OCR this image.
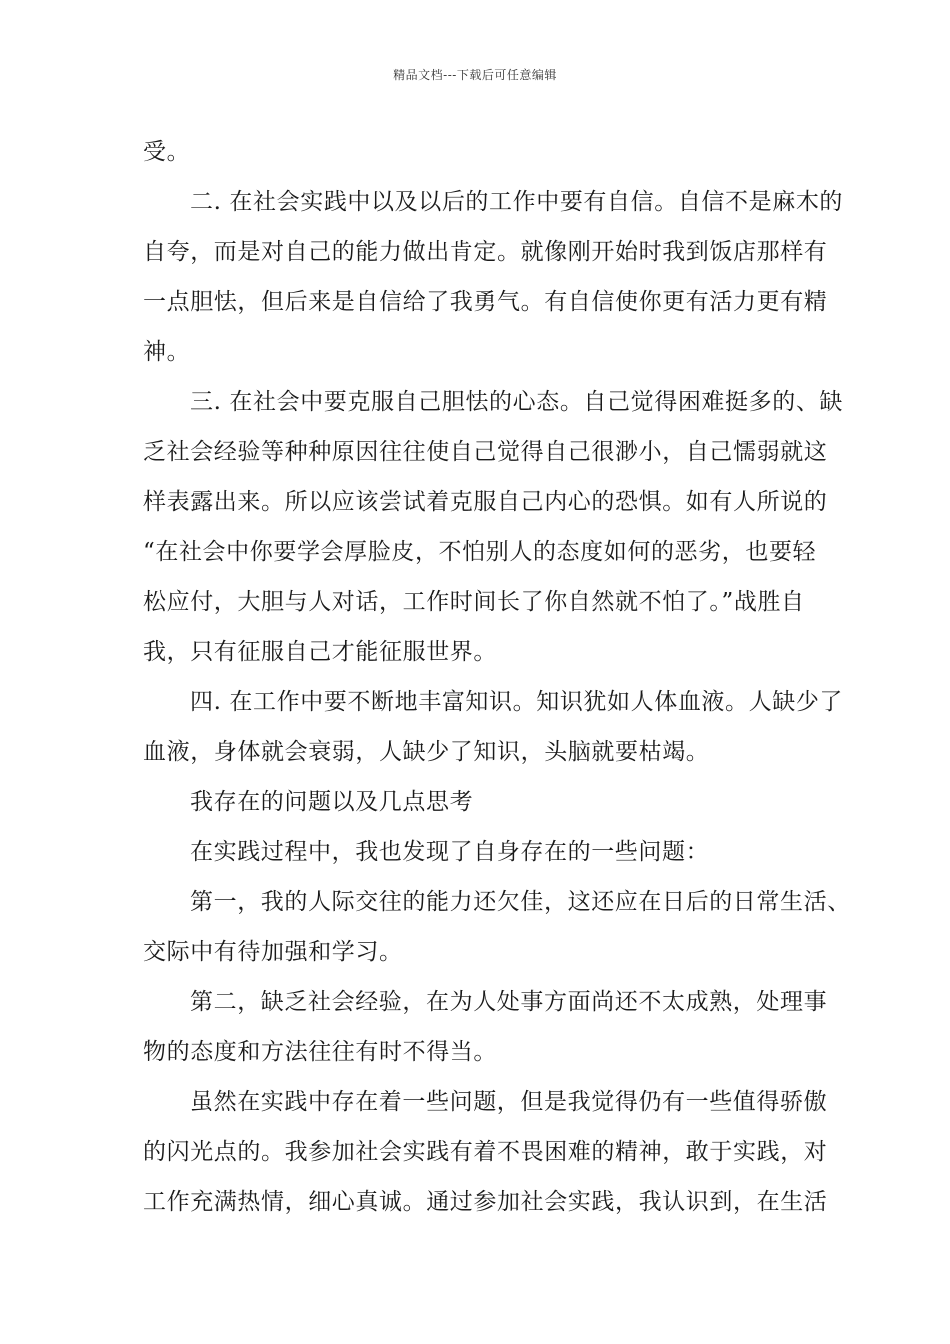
精品文档---下载后可任意编辑
受。
二. 在社会实践中以及以后的工作中要有自信。自信不是麻木的
自夸，而是对自己的能力做出肯定。就像刚开始时我到饭店那样有
一点胆怯，但后来是自信给了我勇气。有自信使你更有活力更有精
神。
三. 在社会中要克服自己胆怯的心态。自己觉得困难挺多的、缺
乏社会经验等种种原因往往使自己觉得自己很渺小，自己懦弱就这
样表露出来。所以应该尝试着克服自己内心的恐惧。如有人所说的
“在社会中你要学会厚脸皮，不怕别人的态度如何的恶劣，也要轻
松应付，大胆与人对话，工作时间长了你自然就不怕了。”战胜自
我，只有征服自己才能征服世界。
四. 在工作中要不断地丰富知识。知识犹如人体血液。人缺少了
血液，身体就会衰弱，人缺少了知识，头脑就要枯竭。
我存在的问题以及几点思考
在实践过程中，我也发现了自身存在的一些问题：
第一，我的人际交往的能力还欠佳，这还应在日后的日常生活、
交际中有待加强和学习。
第二，缺乏社会经验，在为人处事方面尚还不太成熟，处理事
物的态度和方法往往有时不得当。
虽然在实践中存在着一些问题，但是我觉得仍有一些值得骄傲
的闪光点的。我参加社会实践有着不畏困难的精神，敢于实践，对
工作充满热情，细心真诚。通过参加社会实践，我认识到，在生活
